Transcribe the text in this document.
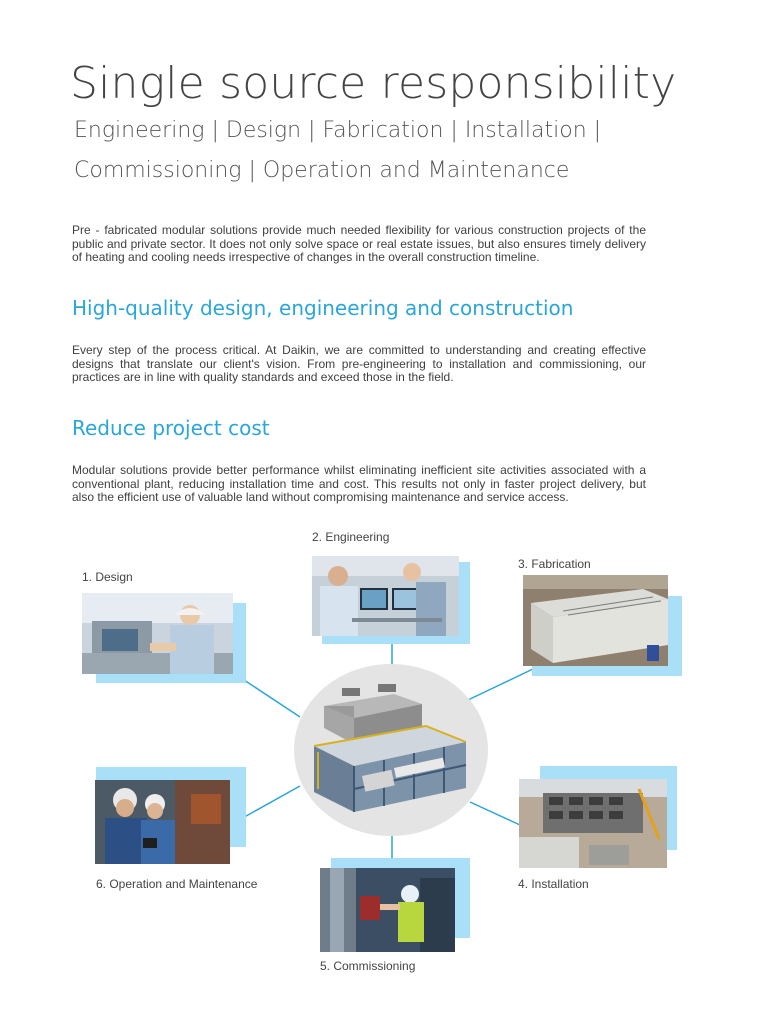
Single source responsibility

Engineering | Design | Fabrication | Installation |

Commissioning | Operation and Maintenance

Pre - fabricated modular solutions provide much needed flexibility for various construction projects of the public and private sector. It does not only solve space or real estate issues, but also ensures timely delivery of heating and cooling needs irrespective of changes in the overall construction timeline.

High-quality design, engineering and construction

Every step of the process critical. At Daikin, we are committed to understanding and creating effective designs that translate our client's vision. From pre-engineering to installation and commissioning, our practices are in line with quality standards and exceed those in the field.

Reduce project cost

Modular solutions provide better performance whilst eliminating inefficient site activities associated with a conventional plant, reducing installation time and cost. This results not only in faster project delivery, but also the efficient use of valuable land without compromising maintenance and service access.

1. Design
2. Engineering
3. Fabrication
4. Installation
5. Commissioning
6. Operation and Maintenance
